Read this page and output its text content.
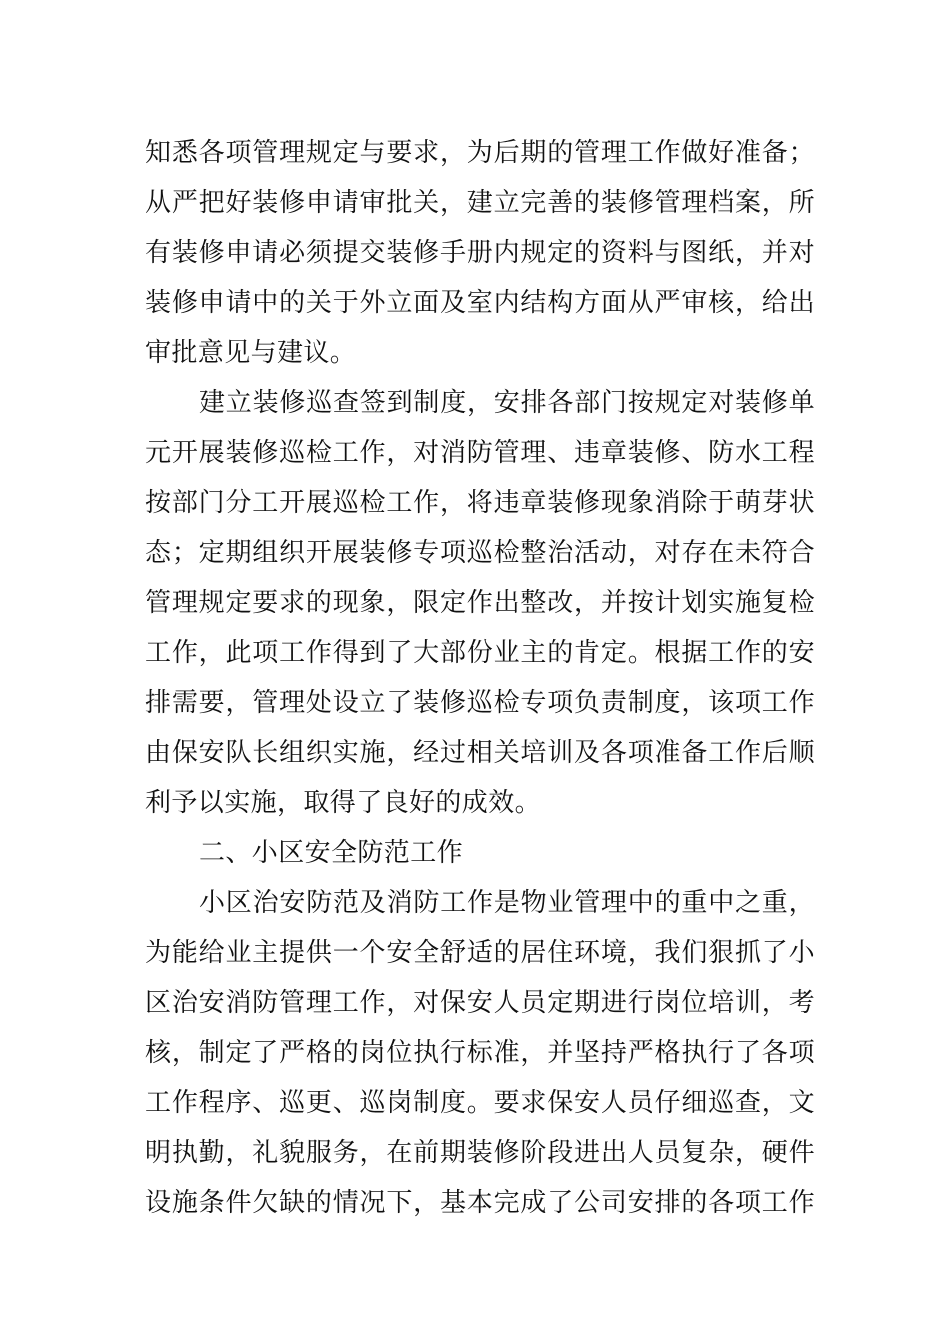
知悉各项管理规定与要求，为后期的管理工作做好准备；
从严把好装修申请审批关，建立完善的装修管理档案，所
有装修申请必须提交装修手册内规定的资料与图纸，并对
装修申请中的关于外立面及室内结构方面从严审核，给出
审批意见与建议。
建立装修巡查签到制度，安排各部门按规定对装修单
元开展装修巡检工作，对消防管理、违章装修、防水工程
按部门分工开展巡检工作，将违章装修现象消除于萌芽状
态；定期组织开展装修专项巡检整治活动，对存在未符合
管理规定要求的现象，限定作出整改，并按计划实施复检
工作，此项工作得到了大部份业主的肯定。根据工作的安
排需要，管理处设立了装修巡检专项负责制度，该项工作
由保安队长组织实施，经过相关培训及各项准备工作后顺
利予以实施，取得了良好的成效。
二、小区安全防范工作
小区治安防范及消防工作是物业管理中的重中之重，
为能给业主提供一个安全舒适的居住环境，我们狠抓了小
区治安消防管理工作，对保安人员定期进行岗位培训，考
核，制定了严格的岗位执行标准，并坚持严格执行了各项
工作程序、巡更、巡岗制度。要求保安人员仔细巡查，文
明执勤，礼貌服务，在前期装修阶段进出人员复杂，硬件
设施条件欠缺的情况下，基本完成了公司安排的各项工作
